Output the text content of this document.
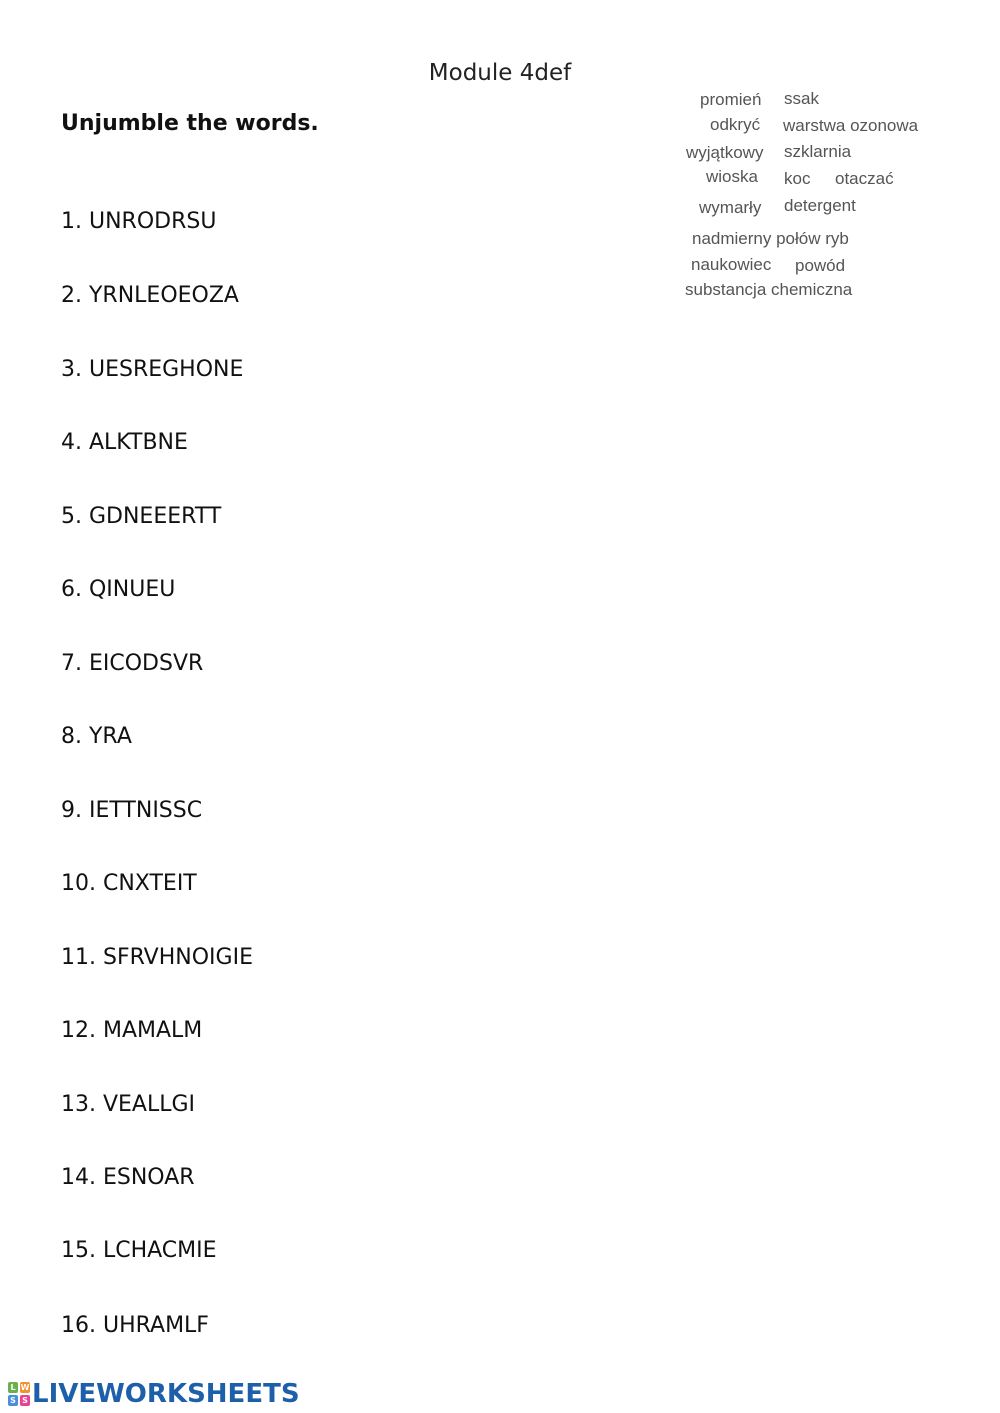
Module 4def
Unjumble the words.
1. UNRODRSU
2. YRNLEOEOZA
3. UESREGHONE
4. ALKTBNE
5. GDNEEERTT
6. QINUEU
7. EICODSVR
8. YRA
9. IETTNISSC
10. CNXTEIT
11. SFRVHNOIGIE
12. MAMALM
13. VEALLGI
14. ESNOAR
15. LCHACMIE
16. UHRAMLF
promień ssak
odkryć warstwa ozonowa
wyjątkowy szklarnia
wioska koc otaczać
wymarły detergent
nadmierny połów ryb
naukowiec powód
substancja chemiczna
L W
S S LIVEWORKSHEETS
